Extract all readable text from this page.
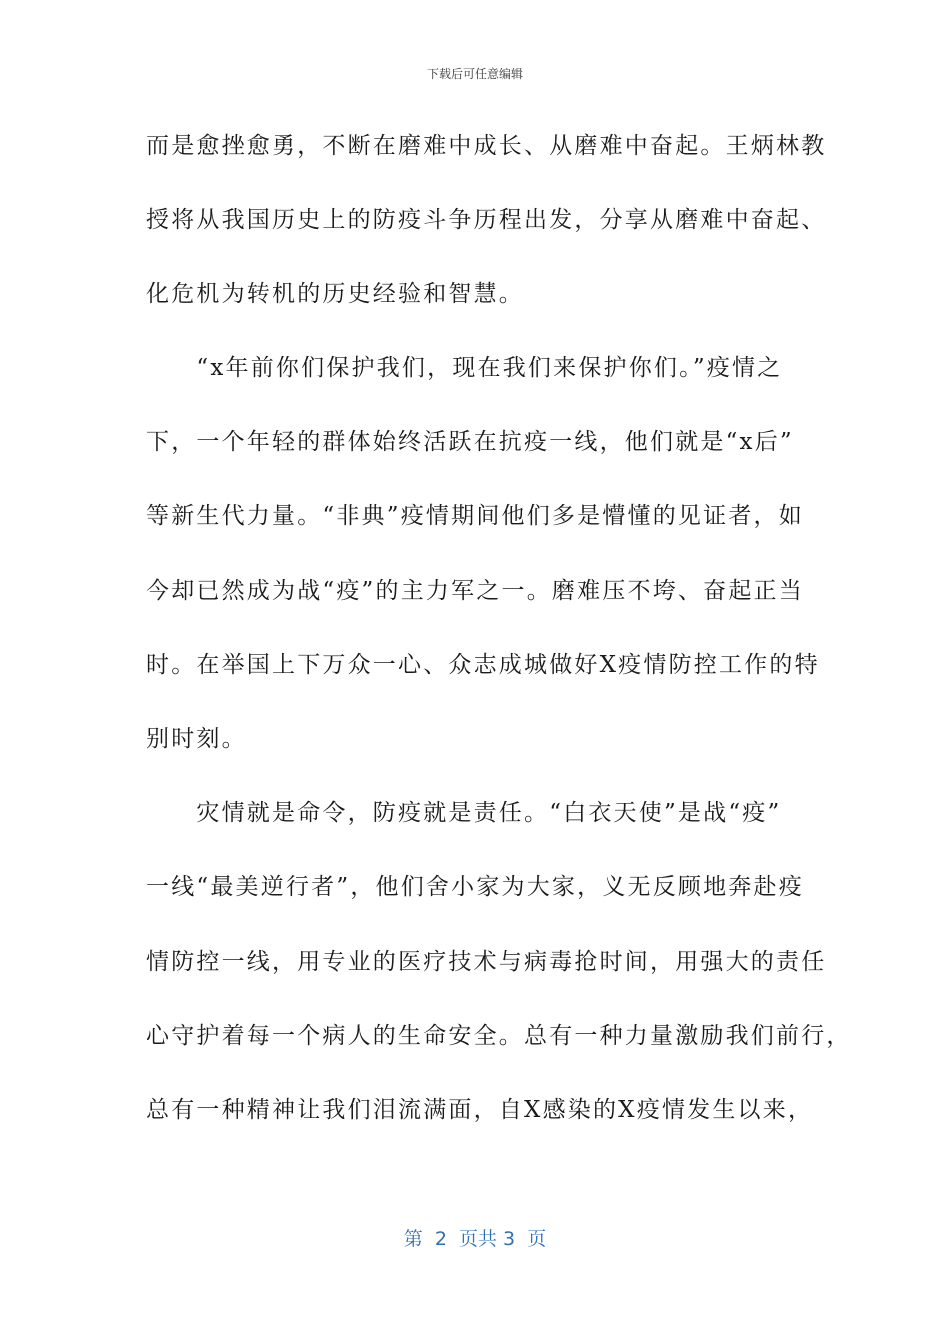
下载后可任意编辑
而是愈挫愈勇，不断在磨难中成长、从磨难中奋起。王炳林教
授将从我国历史上的防疫斗争历程出发，分享从磨难中奋起、
化危机为转机的历史经验和智慧。
　　“x年前你们保护我们，现在我们来保护你们。”疫情之
下，一个年轻的群体始终活跃在抗疫一线，他们就是“x后”
等新生代力量。“非典”疫情期间他们多是懵懂的见证者，如
今却已然成为战“疫”的主力军之一。磨难压不垮、奋起正当
时。在举国上下万众一心、众志成城做好X疫情防控工作的特
别时刻。
　　灾情就是命令，防疫就是责任。“白衣天使”是战“疫”
一线“最美逆行者”，他们舍小家为大家，义无反顾地奔赴疫
情防控一线，用专业的医疗技术与病毒抢时间，用强大的责任
心守护着每一个病人的生命安全。总有一种力量激励我们前行，
总有一种精神让我们泪流满面，自X感染的X疫情发生以来，
第  2  页共 3  页
